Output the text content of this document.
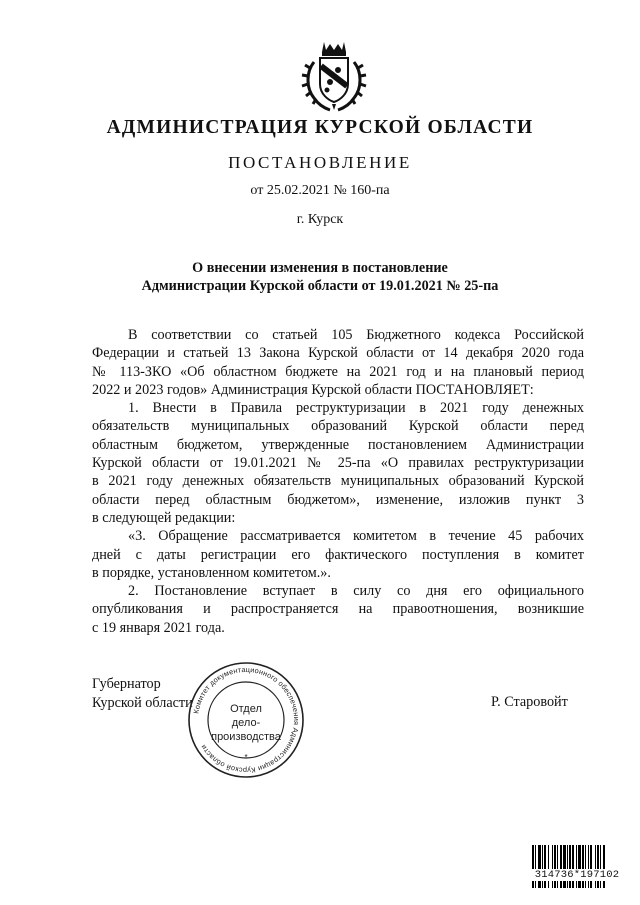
АДМИНИСТРАЦИЯ КУРСКОЙ ОБЛАСТИ
ПОСТАНОВЛЕНИЕ
от 25.02.2021 № 160-па
г. Курск
О внесении изменения в постановление
Администрации Курской области от 19.01.2021 № 25-па
В соответствии со статьей 105 Бюджетного кодекса Российской
Федерации и статьей 13 Закона Курской области от 14 декабря 2020 года
№ 113-ЗКО «Об областном бюджете на 2021 год и на плановый период
2022 и 2023 годов» Администрация Курской области ПОСТАНОВЛЯЕТ:
1. Внести в Правила реструктуризации в 2021 году денежных
обязательств муниципальных образований Курской области перед
областным бюджетом, утвержденные постановлением Администрации
Курской области от 19.01.2021 № 25-па «О правилах реструктуризации
в 2021 году денежных обязательств муниципальных образований Курской
области перед областным бюджетом», изменение, изложив пункт 3
в следующей редакции:
«3. Обращение рассматривается комитетом в течение 45 рабочих
дней с даты регистрации его фактического поступления в комитет
в порядке, установленном комитетом.».
2. Постановление вступает в силу со дня его официального
опубликования и распространяется на правоотношения, возникшие
с 19 января 2021 года.
Губернатор
Курской области	Р. Старовойт
Комитет документационного обеспечения Администрации Курской области
*
Отдел
дело-
производства
314736*197102
